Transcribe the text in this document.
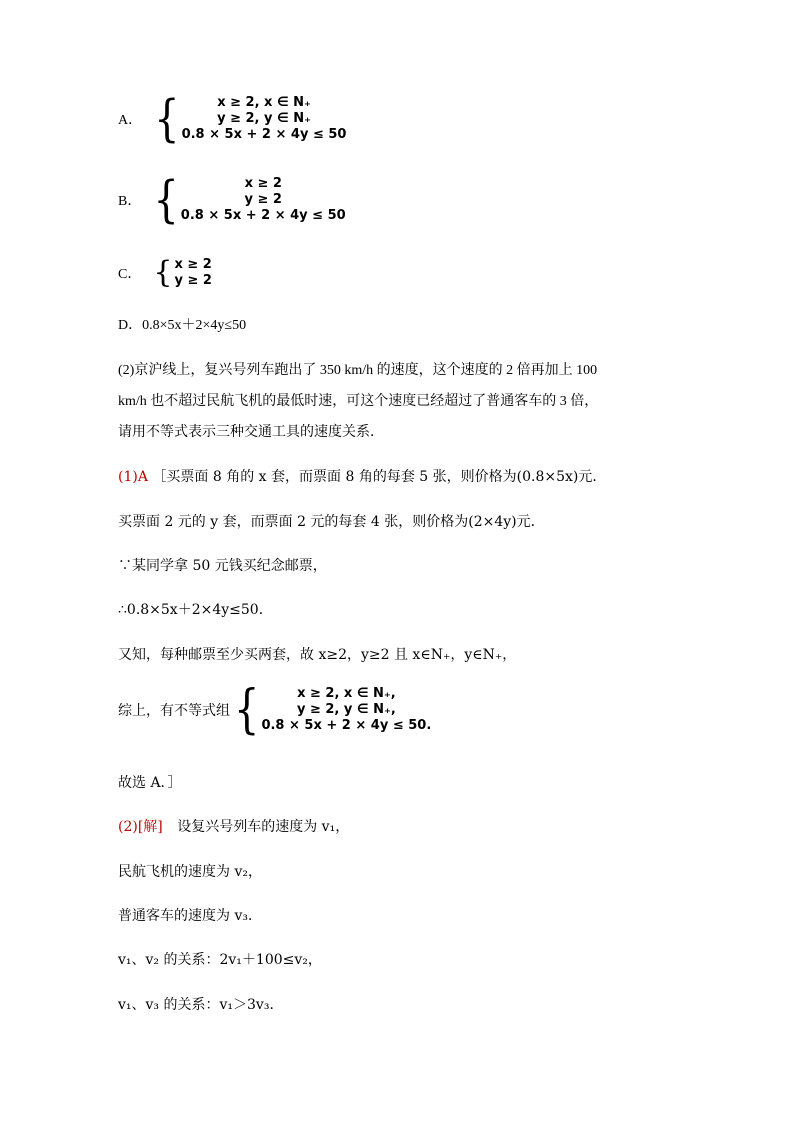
A． {	x ≥ 2, x ∈ N₊
y ≥ 2, y ∈ N₊
0.8 × 5x + 2 × 4y ≤ 50
B． {	x ≥ 2
y ≥ 2
0.8 × 5x + 2 × 4y ≤ 50
C． { x ≥ 2
y ≥ 2
D．0.8×5x＋2×4y≤50
(2)京沪线上，复兴号列车跑出了 350 km/h 的速度，这个速度的 2 倍再加上 100
km/h 也不超过民航飞机的最低时速，可这个速度已经超过了普通客车的 3 倍，
请用不等式表示三种交通工具的速度关系．
(1)A ［买票面 8 角的 x 套，而票面 8 角的每套 5 张，则价格为(0.8×5x)元．
买票面 2 元的 y 套，而票面 2 元的每套 4 张，则价格为(2×4y)元．
∵某同学拿 50 元钱买纪念邮票，
∴0.8×5x＋2×4y≤50．
又知，每种邮票至少买两套，故 x≥2，y≥2 且 x∈N₊，y∈N₊，
综上，有不等式组 {	x ≥ 2, x ∈ N₊,
y ≥ 2, y ∈ N₊,
0.8 × 5x + 2 × 4y ≤ 50.
故选 A．］
(2)[解] 设复兴号列车的速度为 v₁，
民航飞机的速度为 v₂，
普通客车的速度为 v₃．
v₁、v₂ 的关系：2v₁＋100≤v₂，
v₁、v₃ 的关系：v₁＞3v₃．
